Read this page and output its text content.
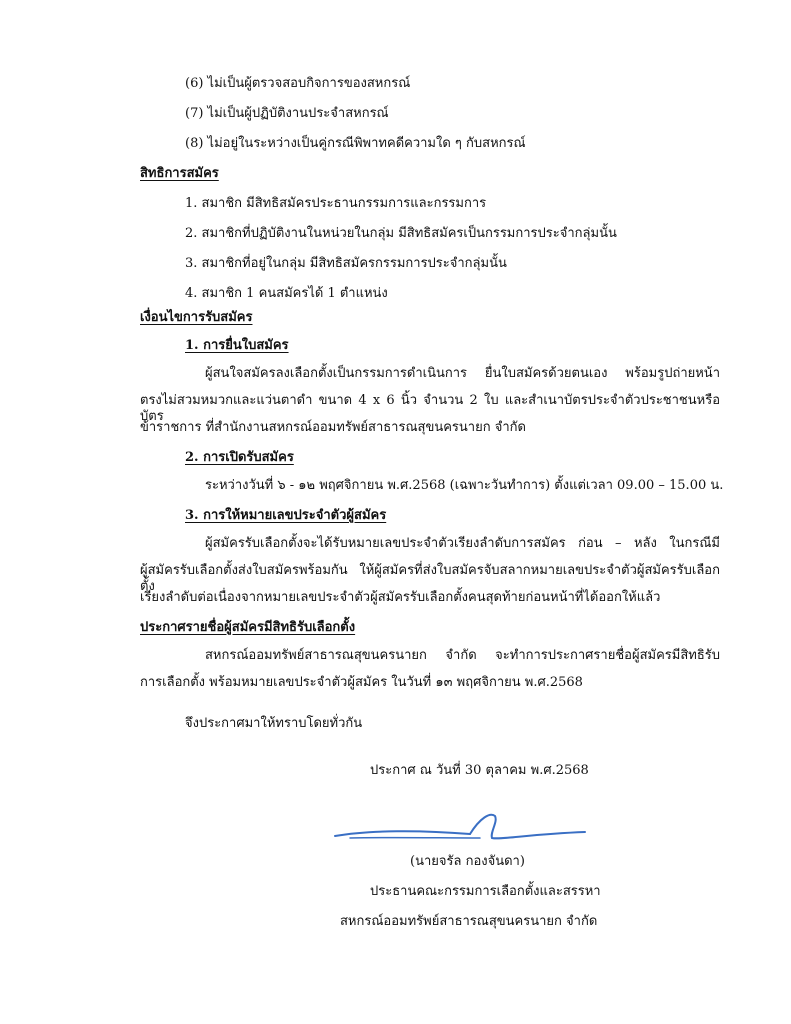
(6) ไม่เป็นผู้ตรวจสอบกิจการของสหกรณ์
(7) ไม่เป็นผู้ปฏิบัติงานประจำสหกรณ์
(8) ไม่อยู่ในระหว่างเป็นคู่กรณีพิพาทคดีความใด ๆ กับสหกรณ์
สิทธิการสมัคร
1. สมาชิก มีสิทธิสมัครประธานกรรมการและกรรมการ
2. สมาชิกที่ปฏิบัติงานในหน่วยในกลุ่ม มีสิทธิสมัครเป็นกรรมการประจำกลุ่มนั้น
3. สมาชิกที่อยู่ในกลุ่ม มีสิทธิสมัครกรรมการประจำกลุ่มนั้น
4. สมาชิก 1 คนสมัครได้ 1 ตำแหน่ง
เงื่อนไขการรับสมัคร
1. การยื่นใบสมัคร
ผู้สนใจสมัครลงเลือกตั้งเป็นกรรมการดำเนินการ ยื่นใบสมัครด้วยตนเอง พร้อมรูปถ่ายหน้า
ตรงไม่สวมหมวกและแว่นตาดำ ขนาด 4 x 6 นิ้ว จำนวน 2 ใบ และสำเนาบัตรประจำตัวประชาชนหรือบัตร
ข้าราชการ ที่สำนักงานสหกรณ์ออมทรัพย์สาธารณสุขนครนายก จำกัด
2. การเปิดรับสมัคร
ระหว่างวันที่ ๖ - ๑๒ พฤศจิกายน พ.ศ.2568 (เฉพาะวันทำการ) ตั้งแต่เวลา 09.00 – 15.00 น.
3. การให้หมายเลขประจำตัวผู้สมัคร
ผู้สมัครรับเลือกตั้งจะได้รับหมายเลขประจำตัวเรียงลำดับการสมัคร ก่อน – หลัง ในกรณีมี
ผู้สมัครรับเลือกตั้งส่งใบสมัครพร้อมกัน ให้ผู้สมัครที่ส่งใบสมัครจับสลากหมายเลขประจำตัวผู้สมัครรับเลือกตั้ง
เรียงลำดับต่อเนื่องจากหมายเลขประจำตัวผู้สมัครรับเลือกตั้งคนสุดท้ายก่อนหน้าที่ได้ออกให้แล้ว
ประกาศรายชื่อผู้สมัครมีสิทธิรับเลือกตั้ง
สหกรณ์ออมทรัพย์สาธารณสุขนครนายก จำกัด จะทำการประกาศรายชื่อผู้สมัครมีสิทธิรับ
การเลือกตั้ง พร้อมหมายเลขประจำตัวผู้สมัคร ในวันที่ ๑๓ พฤศจิกายน พ.ศ.2568
จึงประกาศมาให้ทราบโดยทั่วกัน
ประกาศ ณ วันที่ 30 ตุลาคม พ.ศ.2568
(นายจรัล กองจันดา)
ประธานคณะกรรมการเลือกตั้งและสรรหา
สหกรณ์ออมทรัพย์สาธารณสุขนครนายก จำกัด
